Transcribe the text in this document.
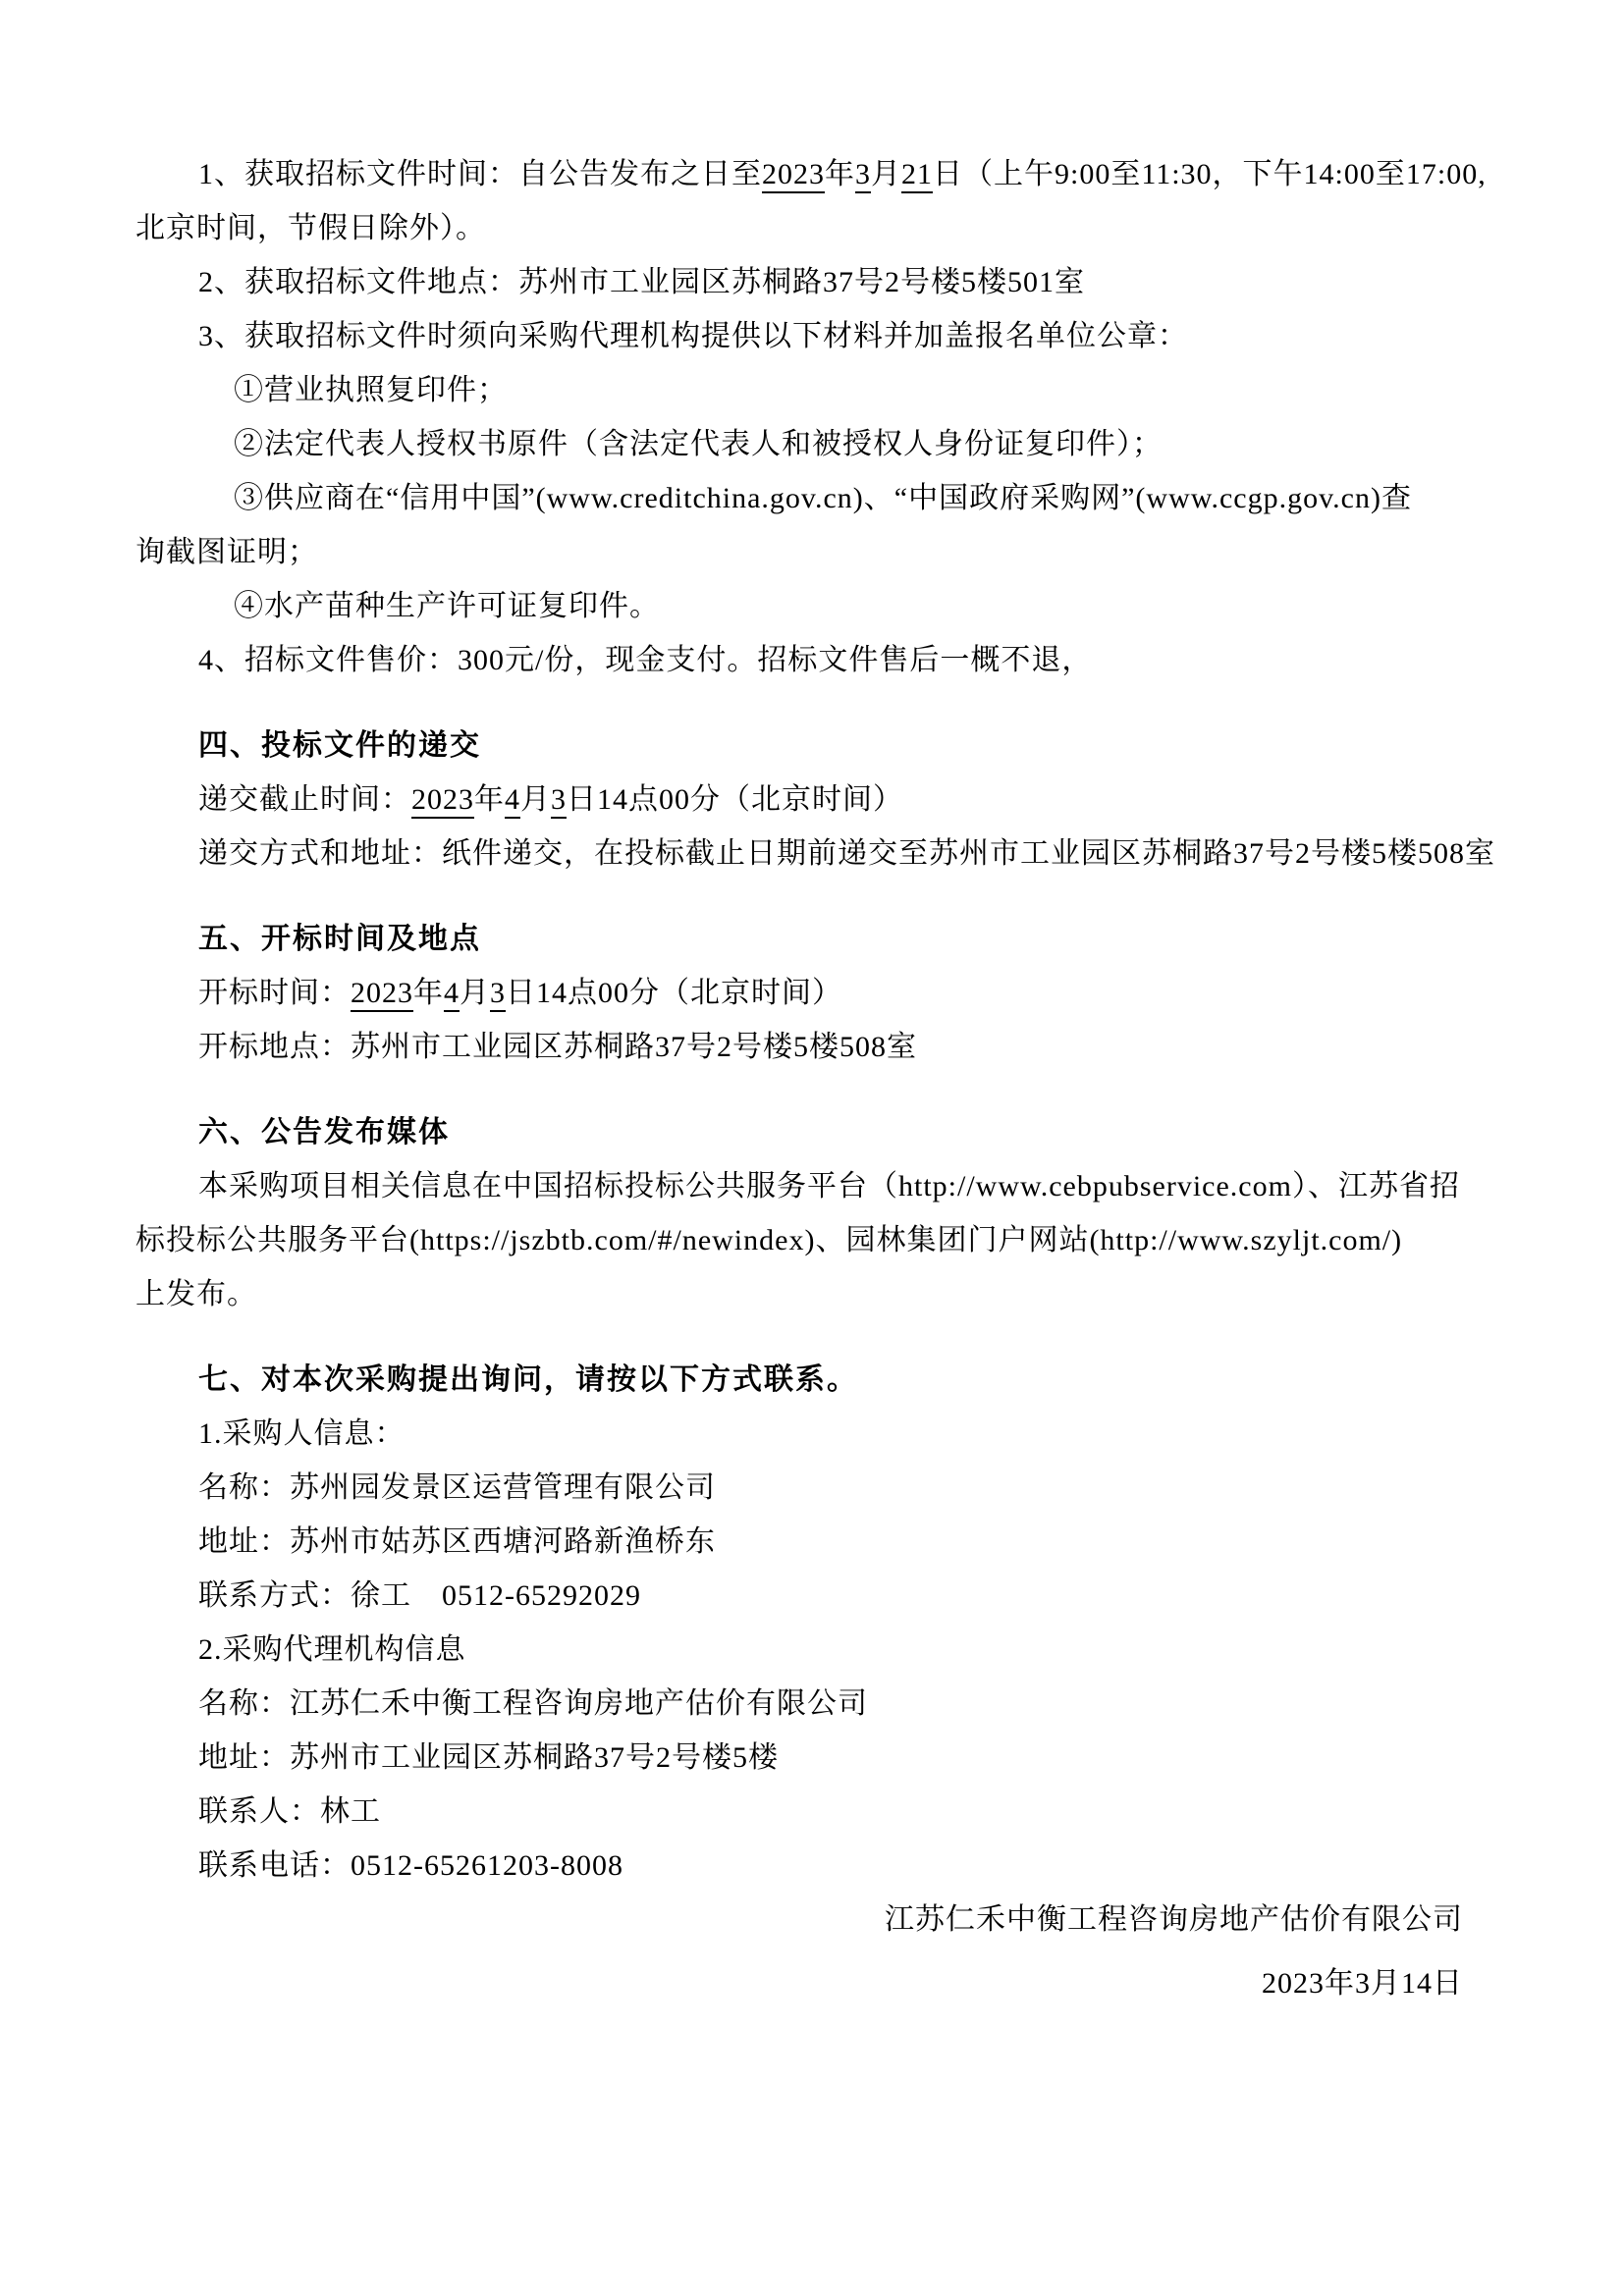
1、获取招标文件时间：自公告发布之日至2023年3月21日（上午9:00至11:30，下午14:00至17:00,
北京时间，节假日除外）。
2、获取招标文件地点：苏州市工业园区苏桐路37号2号楼5楼501室
3、获取招标文件时须向采购代理机构提供以下材料并加盖报名单位公章：
①营业执照复印件；
②法定代表人授权书原件（含法定代表人和被授权人身份证复印件）；
③供应商在“信用中国”(www.creditchina.gov.cn)、“中国政府采购网”(www.ccgp.gov.cn)查
询截图证明；
④水产苗种生产许可证复印件。
4、招标文件售价：300元/份，现金支付。招标文件售后一概不退，
四、投标文件的递交
递交截止时间：2023年4月3日14点00分（北京时间）
递交方式和地址：纸件递交，在投标截止日期前递交至苏州市工业园区苏桐路37号2号楼5楼508室
五、开标时间及地点
开标时间：2023年4月3日14点00分（北京时间）
开标地点：苏州市工业园区苏桐路37号2号楼5楼508室
六、公告发布媒体
本采购项目相关信息在中国招标投标公共服务平台（http://www.cebpubservice.com）、江苏省招
标投标公共服务平台(https://jszbtb.com/#/newindex)、园林集团门户网站(http://www.szyljt.com/)
上发布。
七、对本次采购提出询问，请按以下方式联系。
1.采购人信息：
名称：苏州园发景区运营管理有限公司
地址：苏州市姑苏区西塘河路新渔桥东
联系方式：徐工　0512-65292029
2.采购代理机构信息
名称：江苏仁禾中衡工程咨询房地产估价有限公司
地址：苏州市工业园区苏桐路37号2号楼5楼
联系人：林工
联系电话：0512-65261203-8008
江苏仁禾中衡工程咨询房地产估价有限公司
2023年3月14日
